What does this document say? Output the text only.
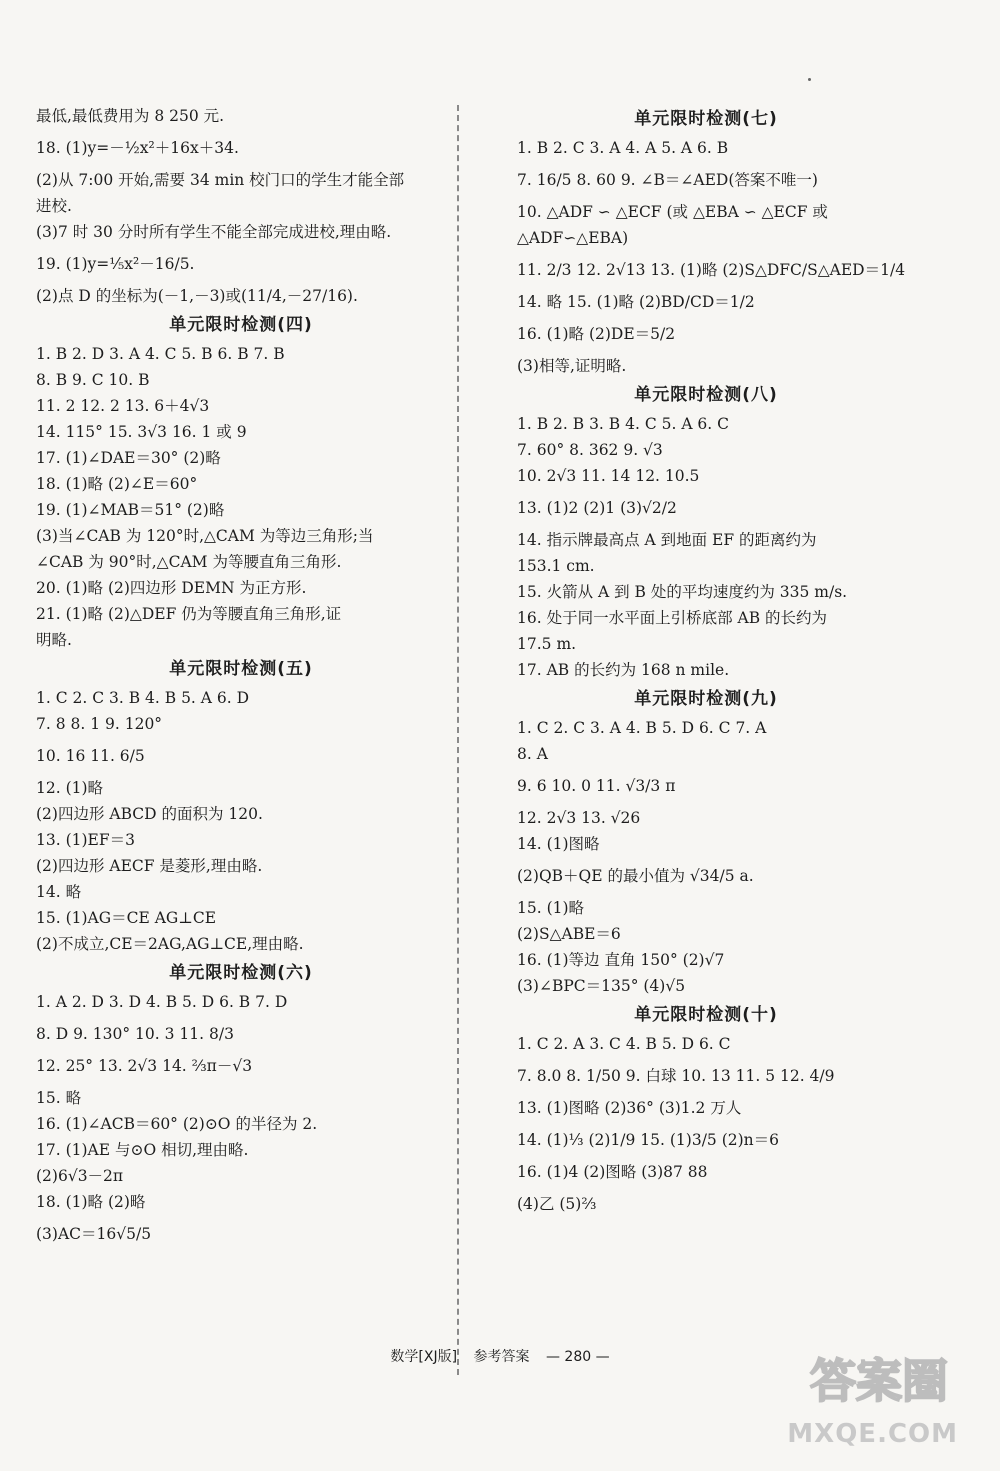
最低,最低费用为 8 250 元.
18. (1)y=－½x²＋16x＋34.
(2)从 7:00 开始,需要 34 min 校门口的学生才能全部
进校.
(3)7 时 30 分时所有学生不能全部完成进校,理由略.
19. (1)y=⅕x²－16/5.
(2)点 D 的坐标为(－1,－3)或(11/4,－27/16).
单元限时检测(四)
1. B 2. D 3. A 4. C 5. B 6. B 7. B
8. B 9. C 10. B
11. 2 12. 2 13. 6＋4√3
14. 115° 15. 3√3 16. 1 或 9
17. (1)∠DAE＝30° (2)略
18. (1)略 (2)∠E＝60°
19. (1)∠MAB＝51° (2)略
(3)当∠CAB 为 120°时,△CAM 为等边三角形;当
∠CAB 为 90°时,△CAM 为等腰直角三角形.
20. (1)略 (2)四边形 DEMN 为正方形.
21. (1)略 (2)△DEF 仍为等腰直角三角形,证
明略.
单元限时检测(五)
1. C 2. C 3. B 4. B 5. A 6. D
7. 8 8. 1 9. 120°
10. 16 11. 6/5
12. (1)略
(2)四边形 ABCD 的面积为 120.
13. (1)EF＝3
(2)四边形 AECF 是菱形,理由略.
14. 略
15. (1)AG＝CE AG⊥CE
(2)不成立,CE＝2AG,AG⊥CE,理由略.
单元限时检测(六)
1. A 2. D 3. D 4. B 5. D 6. B 7. D
8. D 9. 130° 10. 3 11. 8/3
12. 25° 13. 2√3 14. ⅔π－√3
15. 略
16. (1)∠ACB＝60° (2)⊙O 的半径为 2.
17. (1)AE 与⊙O 相切,理由略.
(2)6√3－2π
18. (1)略 (2)略
(3)AC＝16√5/5
单元限时检测(七)
1. B 2. C 3. A 4. A 5. A 6. B
7. 16/5 8. 60 9. ∠B＝∠AED(答案不唯一)
10. △ADF ∽ △ECF (或 △EBA ∽ △ECF 或
△ADF∽△EBA)
11. 2/3 12. 2√13 13. (1)略 (2)S△DFC/S△AED＝1/4
14. 略 15. (1)略 (2)BD/CD＝1/2
16. (1)略 (2)DE＝5/2
(3)相等,证明略.
单元限时检测(八)
1. B 2. B 3. B 4. C 5. A 6. C
7. 60° 8. 362 9. √3
10. 2√3 11. 14 12. 10.5
13. (1)2 (2)1 (3)√2/2
14. 指示牌最高点 A 到地面 EF 的距离约为
153.1 cm.
15. 火箭从 A 到 B 处的平均速度约为 335 m/s.
16. 处于同一水平面上引桥底部 AB 的长约为
17.5 m.
17. AB 的长约为 168 n mile.
单元限时检测(九)
1. C 2. C 3. A 4. B 5. D 6. C 7. A
8. A
9. 6 10. 0 11. √3/3 π
12. 2√3 13. √26
14. (1)图略
(2)QB＋QE 的最小值为 √34/5 a.
15. (1)略
(2)S△ABE＝6
16. (1)等边 直角 150° (2)√7
(3)∠BPC＝135° (4)√5
单元限时检测(十)
1. C 2. A 3. C 4. B 5. D 6. C
7. 8.0 8. 1/50 9. 白球 10. 13 11. 5 12. 4/9
13. (1)图略 (2)36° (3)1.2 万人
14. (1)⅓ (2)1/9 15. (1)3/5 (2)n＝6
16. (1)4 (2)图略 (3)87 88
(4)乙 (5)⅔
数学[XJ版] 参考答案 — 280 —	答案圈
MXQE.COM
